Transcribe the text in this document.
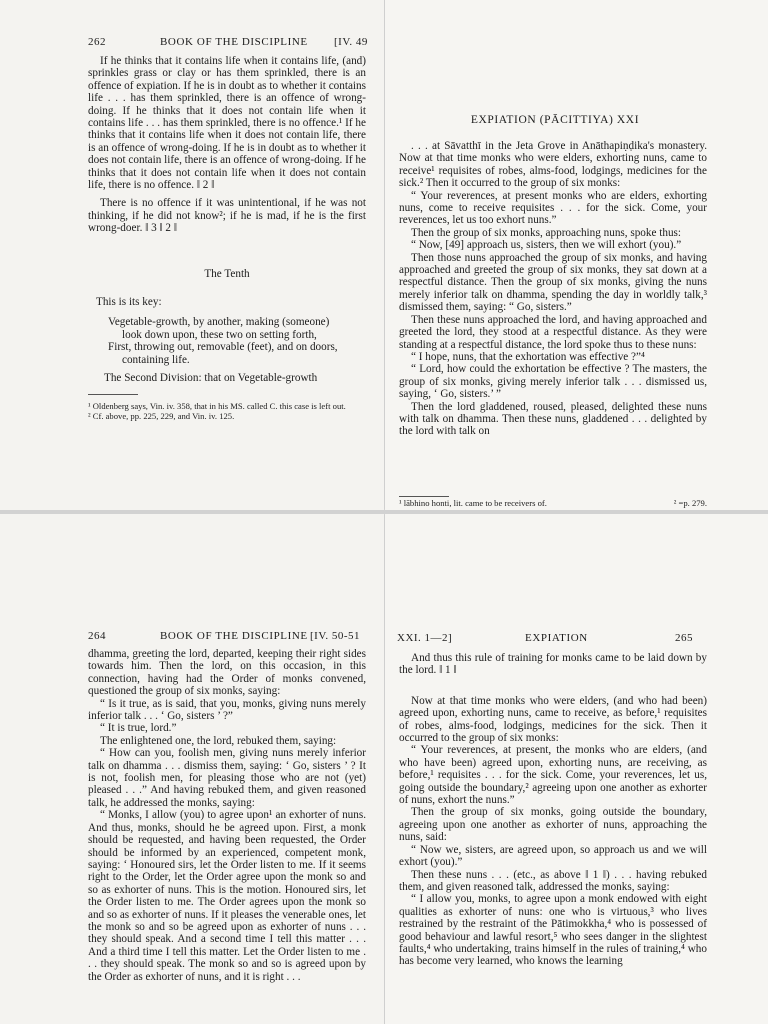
262	BOOK OF THE DISCIPLINE [IV. 49

If he thinks that it contains life when it contains life, (and) sprinkles grass or clay or has them sprinkled, there is an offence of expiation. If he is in doubt as to whether it contains life . . . has them sprinkled, there is an offence of wrong-doing. If he thinks that it does not contain life when it contains life . . . has them sprinkled, there is no offence.¹ If he thinks that it contains life when it does not contain life, there is an offence of wrong-doing. If he is in doubt as to whether it does not contain life, there is an offence of wrong-doing. If he thinks that it does not contain life when it does not contain life, there is no offence. ‖ 2 ‖

There is no offence if it was unintentional, if he was not thinking, if he did not know²; if he is mad, if he is the first wrong-doer. ‖ 3 ‖ 2 ‖

The Tenth
This is its key:
Vegetable-growth, by another, making (someone)
look down upon, these two on setting forth,
First, throwing out, removable (feet), and on doors,
containing life.
The Second Division: that on Vegetable-growth
¹ Oldenberg says, Vin. iv. 358, that in his MS. called C. this case is left out.
² Cf. above, pp. 225, 229, and Vin. iv. 125.
EXPIATION (PĀCITTIYA) XXI

. . . at Sāvatthī in the Jeta Grove in Anāthapiṇḍika's monastery. Now at that time monks who were elders, exhorting nuns, came to receive¹ requisites of robes, alms-food, lodgings, medicines for the sick.² Then it occurred to the group of six monks:

“ Your reverences, at present monks who are elders, exhorting nuns, come to receive requisites . . . for the sick. Come, your reverences, let us too exhort nuns.”

Then the group of six monks, approaching nuns, spoke thus:

“ Now, [49] approach us, sisters, then we will exhort (you).”

Then those nuns approached the group of six monks, and having approached and greeted the group of six monks, they sat down at a respectful distance. Then the group of six monks, giving the nuns merely inferior talk on dhamma, spending the day in worldly talk,³ dismissed them, saying: “ Go, sisters.”

Then these nuns approached the lord, and having approached and greeted the lord, they stood at a respectful distance. As they were standing at a respectful distance, the lord spoke thus to these nuns:

“ I hope, nuns, that the exhortation was effective ?”⁴

“ Lord, how could the exhortation be effective ? The masters, the group of six monks, giving merely inferior talk . . . dismissed us, saying, ‘ Go, sisters.’ ”

Then the lord gladdened, roused, pleased, delighted these nuns with talk on dhamma. Then these nuns, gladdened . . . delighted by the lord with talk on

¹ lābhino honti, lit. came to be receivers of.	² =p. 279.
264	BOOK OF THE DISCIPLINE [IV. 50-51

dhamma, greeting the lord, departed, keeping their right sides towards him. Then the lord, on this occasion, in this connection, having had the Order of monks convened, questioned the group of six monks, saying:

“ Is it true, as is said, that you, monks, giving nuns merely inferior talk . . . ‘ Go, sisters ’ ?”

“ It is true, lord.”

The enlightened one, the lord, rebuked them, saying:

“ How can you, foolish men, giving nuns merely inferior talk on dhamma . . . dismiss them, saying: ‘ Go, sisters ’ ? It is not, foolish men, for pleasing those who are not (yet) pleased . . .” And having rebuked them, and given reasoned talk, he addressed the monks, saying:

“ Monks, I allow (you) to agree upon¹ an exhorter of nuns. And thus, monks, should he be agreed upon. First, a monk should be requested, and having been requested, the Order should be informed by an experienced, competent monk, saying: ‘ Honoured sirs, let the Order listen to me. If it seems right to the Order, let the Order agree upon the monk so and so as exhorter of nuns. This is the motion. Honoured sirs, let the Order listen to me. The Order agrees upon the monk so and so as exhorter of nuns. If it pleases the venerable ones, let the monk so and so be agreed upon as exhorter of nuns . . . they should speak. And a second time I tell this matter . . . And a third time I tell this matter. Let the Order listen to me . . . they should speak. The monk so and so is agreed upon by the Order as exhorter of nuns, and it is right . . .

XXI. 1—2]	EXPIATION	265

And thus this rule of training for monks came to be laid down by the lord. ‖ 1 ‖

Now at that time monks who were elders, (and who had been) agreed upon, exhorting nuns, came to receive, as before,¹ requisites of robes, alms-food, lodgings, medicines for the sick. Then it occurred to the group of six monks:

“ Your reverences, at present, the monks who are elders, (and who have been) agreed upon, exhorting nuns, are receiving, as before,¹ requisites . . . for the sick. Come, your reverences, let us, going outside the boundary,² agreeing upon one another as exhorter of nuns, exhort the nuns.”

Then the group of six monks, going outside the boundary, agreeing upon one another as exhorter of nuns, approaching the nuns, said:

“ Now we, sisters, are agreed upon, so approach us and we will exhort (you).”

Then these nuns . . . (etc., as above ‖ 1 ‖) . . . having rebuked them, and given reasoned talk, addressed the monks, saying:

“ I allow you, monks, to agree upon a monk endowed with eight qualities as exhorter of nuns: one who is virtuous,³ who lives restrained by the restraint of the Pātimokkha,⁴ who is possessed of good behaviour and lawful resort,⁵ who sees danger in the slightest faults,⁴ who undertaking, trains himself in the rules of training,⁴ who has become very learned, who knows the learning
